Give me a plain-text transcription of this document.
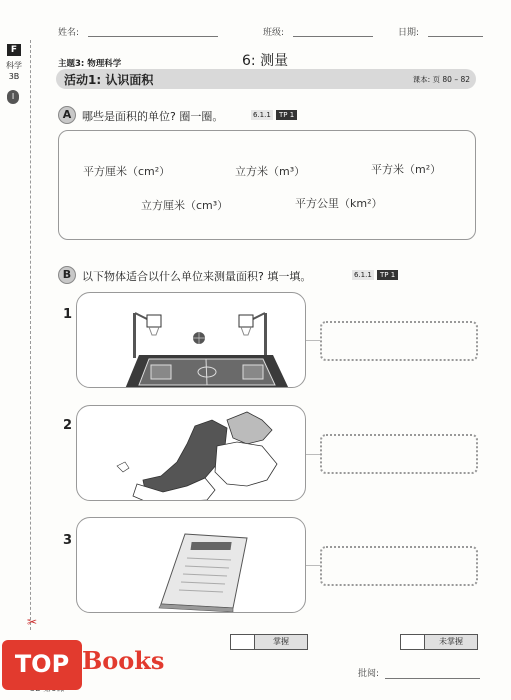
F
科学3B
I
姓名:	班级:	日期:
主题3: 物理科学	6: 测量
活动1: 认识面积	课本: 页 80 – 82
A 哪些是面积的单位? 圈一圈。	6.1.1	TP 1
平方厘米（cm²）	立方米（m³）	平方米（m²）
立方厘米（cm³）	平方公里（km²）
B 以下物体适合以什么单位来测量面积? 填一填。	6.1.1	TP 1
1
2
3
掌握	未掌握
批阅:
✂
TOP Books
